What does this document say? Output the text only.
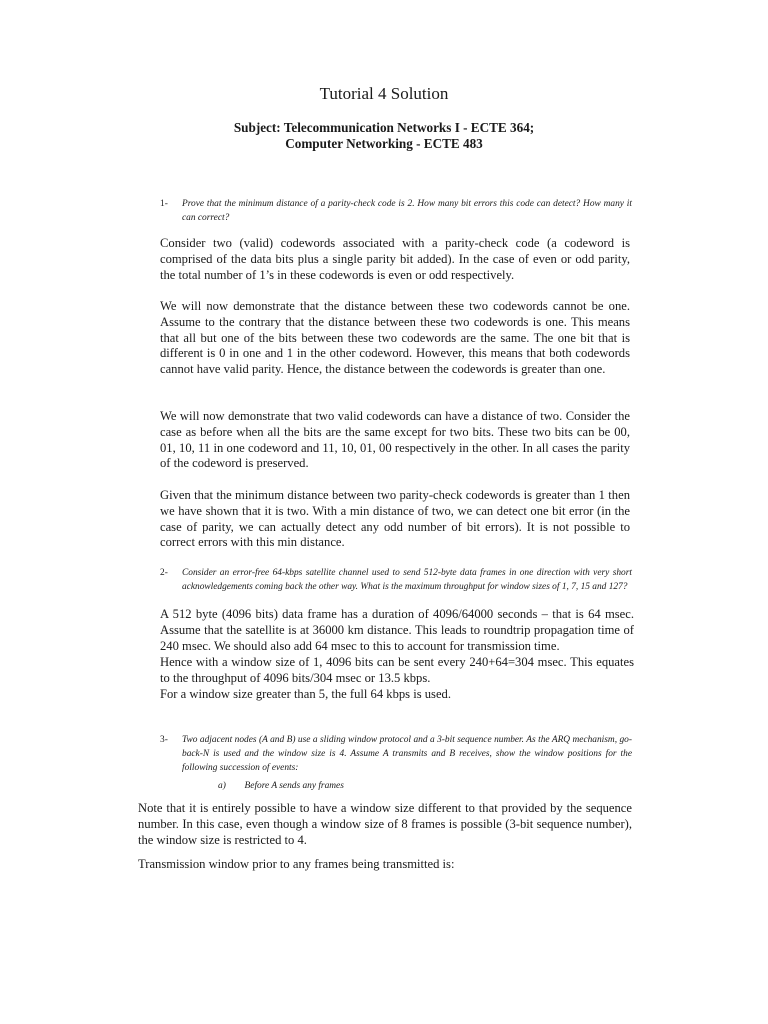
Tutorial 4 Solution
Subject: Telecommunication Networks I - ECTE 364;
Computer Networking - ECTE 483
1- Prove that the minimum distance of a parity-check code is 2. How many bit errors this code can detect? How many it can correct?
Consider two (valid) codewords associated with a parity-check code (a codeword is comprised of the data bits plus a single parity bit added). In the case of even or odd parity, the total number of 1’s in these codewords is even or odd respectively.
We will now demonstrate that the distance between these two codewords cannot be one. Assume to the contrary that the distance between these two codewords is one. This means that all but one of the bits between these two codewords are the same. The one bit that is different is 0 in one and 1 in the other codeword. However, this means that both codewords cannot have valid parity. Hence, the distance between the codewords is greater than one.
We will now demonstrate that two valid codewords can have a distance of two. Consider the case as before when all the bits are the same except for two bits. These two bits can be 00, 01, 10, 11 in one codeword and 11, 10, 01, 00 respectively in the other. In all cases the parity of the codeword is preserved.
Given that the minimum distance between two parity-check codewords is greater than 1 then we have shown that it is two. With a min distance of two, we can detect one bit error (in the case of parity, we can actually detect any odd number of bit errors). It is not possible to correct errors with this min distance.
2- Consider an error-free 64-kbps satellite channel used to send 512-byte data frames in one direction with very short acknowledgements coming back the other way. What is the maximum throughput for window sizes of 1, 7, 15 and 127?
A 512 byte (4096 bits) data frame has a duration of 4096/64000 seconds – that is 64 msec. Assume that the satellite is at 36000 km distance. This leads to roundtrip propagation time of 240 msec. We should also add 64 msec to this to account for transmission time.
Hence with a window size of 1, 4096 bits can be sent every 240+64=304 msec. This equates to the throughput of 4096 bits/304 msec or 13.5 kbps.
For a window size greater than 5, the full 64 kbps is used.
3- Two adjacent nodes (A and B) use a sliding window protocol and a 3-bit sequence number. As the ARQ mechanism, go-back-N is used and the window size is 4. Assume A transmits and B receives, show the window positions for the following succession of events:
a)  Before A sends any frames
Note that it is entirely possible to have a window size different to that provided by the sequence number. In this case, even though a window size of 8 frames is possible (3-bit sequence number), the window size is restricted to 4.
Transmission window prior to any frames being transmitted is:
